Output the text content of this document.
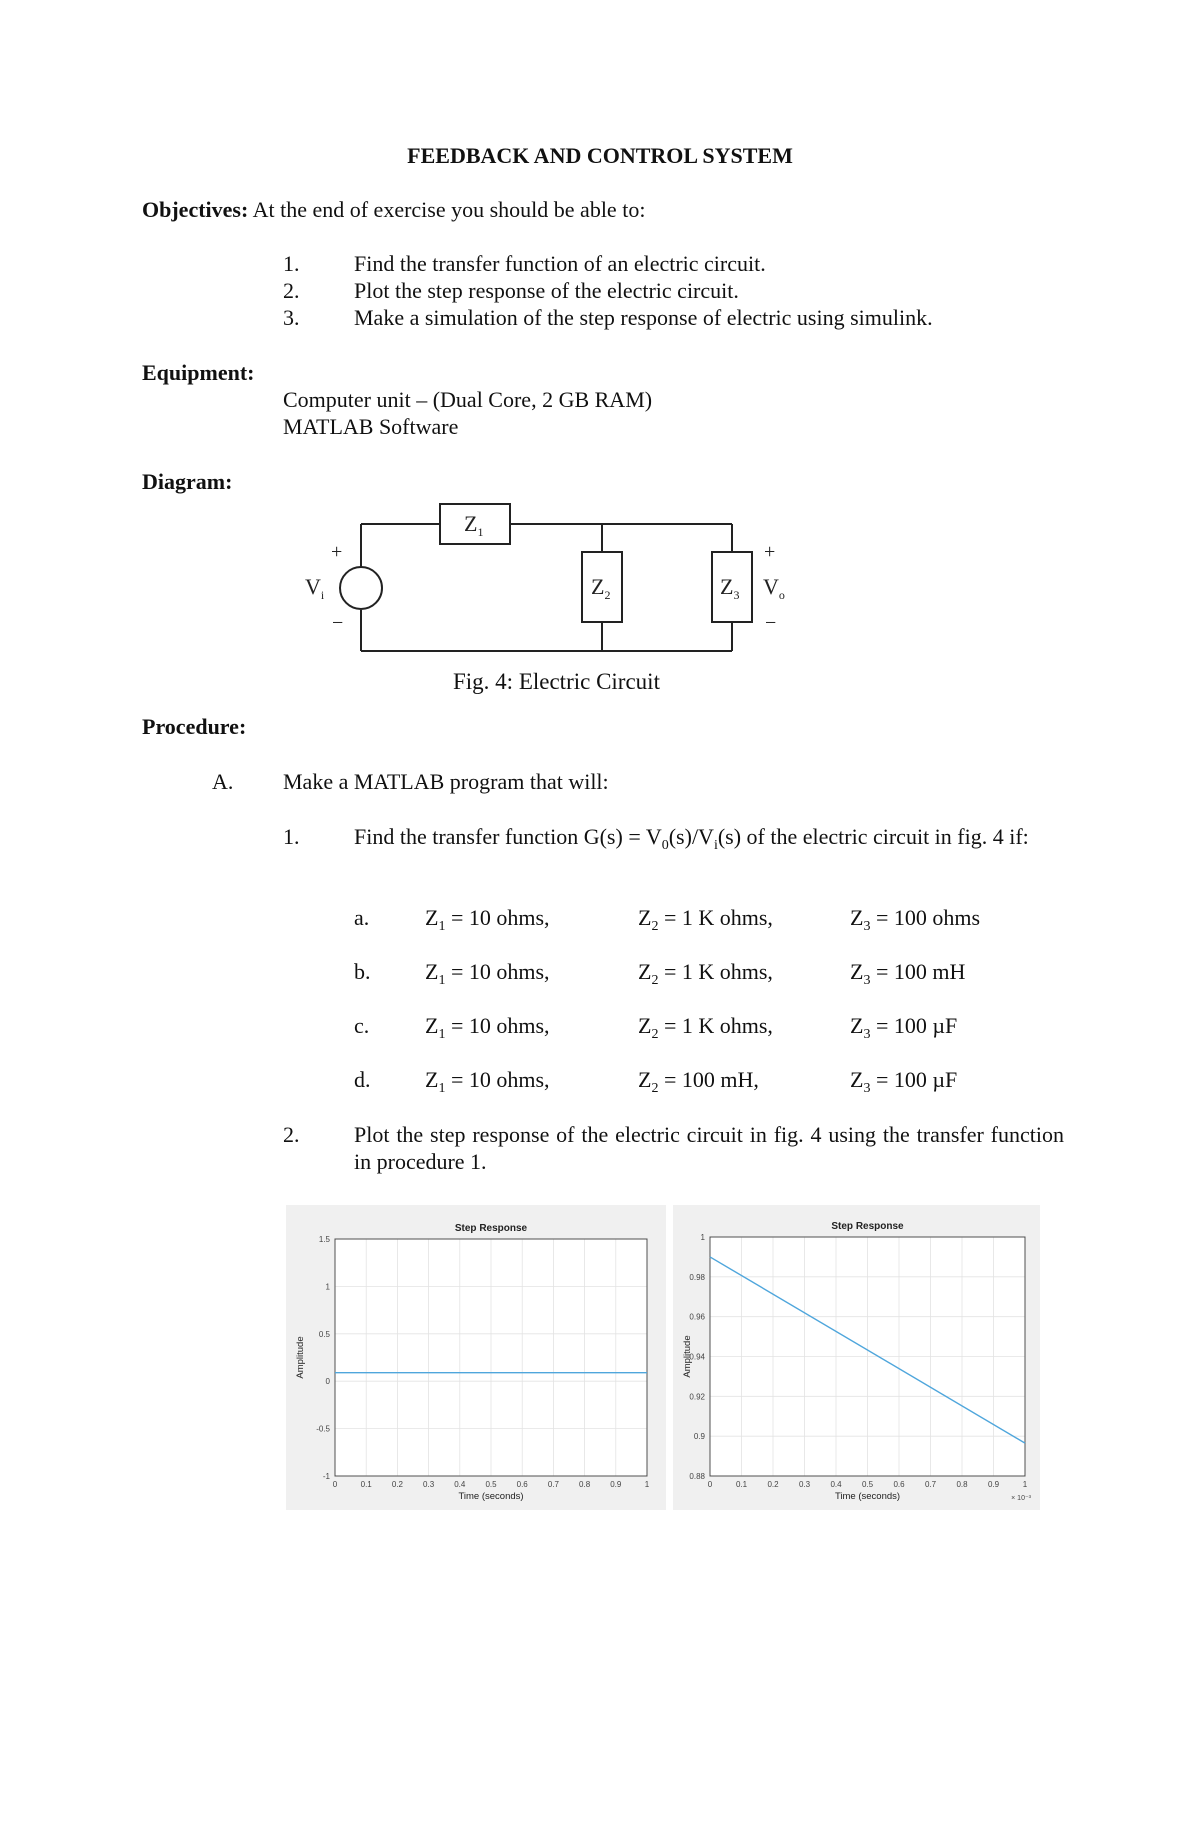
FEEDBACK AND CONTROL SYSTEM
Objectives: At the end of exercise you should be able to:
1. Find the transfer function of an electric circuit.
2. Plot the step response of the electric circuit.
3. Make a simulation of the step response of electric using simulink.
Equipment:
Computer unit – (Dual Core, 2 GB RAM)
MATLAB Software
Diagram:
$Z_1$
$Z_2$	$Z_3$
$V_i$	$V_o$
+
−
+
−
Fig. 4: Electric Circuit
Procedure:
A. Make a MATLAB program that will:
1. Find the transfer function $G(s) = V_0(s)/V_i(s)$ of the electric circuit in fig. 4 if:
a.	$Z_1 = 10$ ohms,	$Z_2 = 1$ K ohms,	$Z_3 = 100$ ohms
b. $Z_1 = 10$ ohms,	$Z_2 = 1$ K ohms,	$Z_3 = 100$ mH
c.	$Z_1 = 10$ ohms,	$Z_2 = 1$ K ohms,	$Z_3 = 100$ µF
d. $Z_1 = 10$ ohms,	$Z_2 = 100$ mH,	$Z_3 = 100$ µF
2. Plot the step response of the electric circuit in fig. 4 using the transfer function in procedure 1.
0	0.1	0.2	0.3	0.4	0.5	0.6	0.7	0.8	0.9	1
-1
-0.5
0
0.5
1
1.5
Step Response
Time (seconds)
Amplitude
0	0.1	0.2	0.3	0.4	0.5	0.6	0.7	0.8	0.9	1
0.88
0.9
0.92
0.94
0.96
0.98
1
Step Response
Time (seconds)
Amplitude
× 10⁻³
